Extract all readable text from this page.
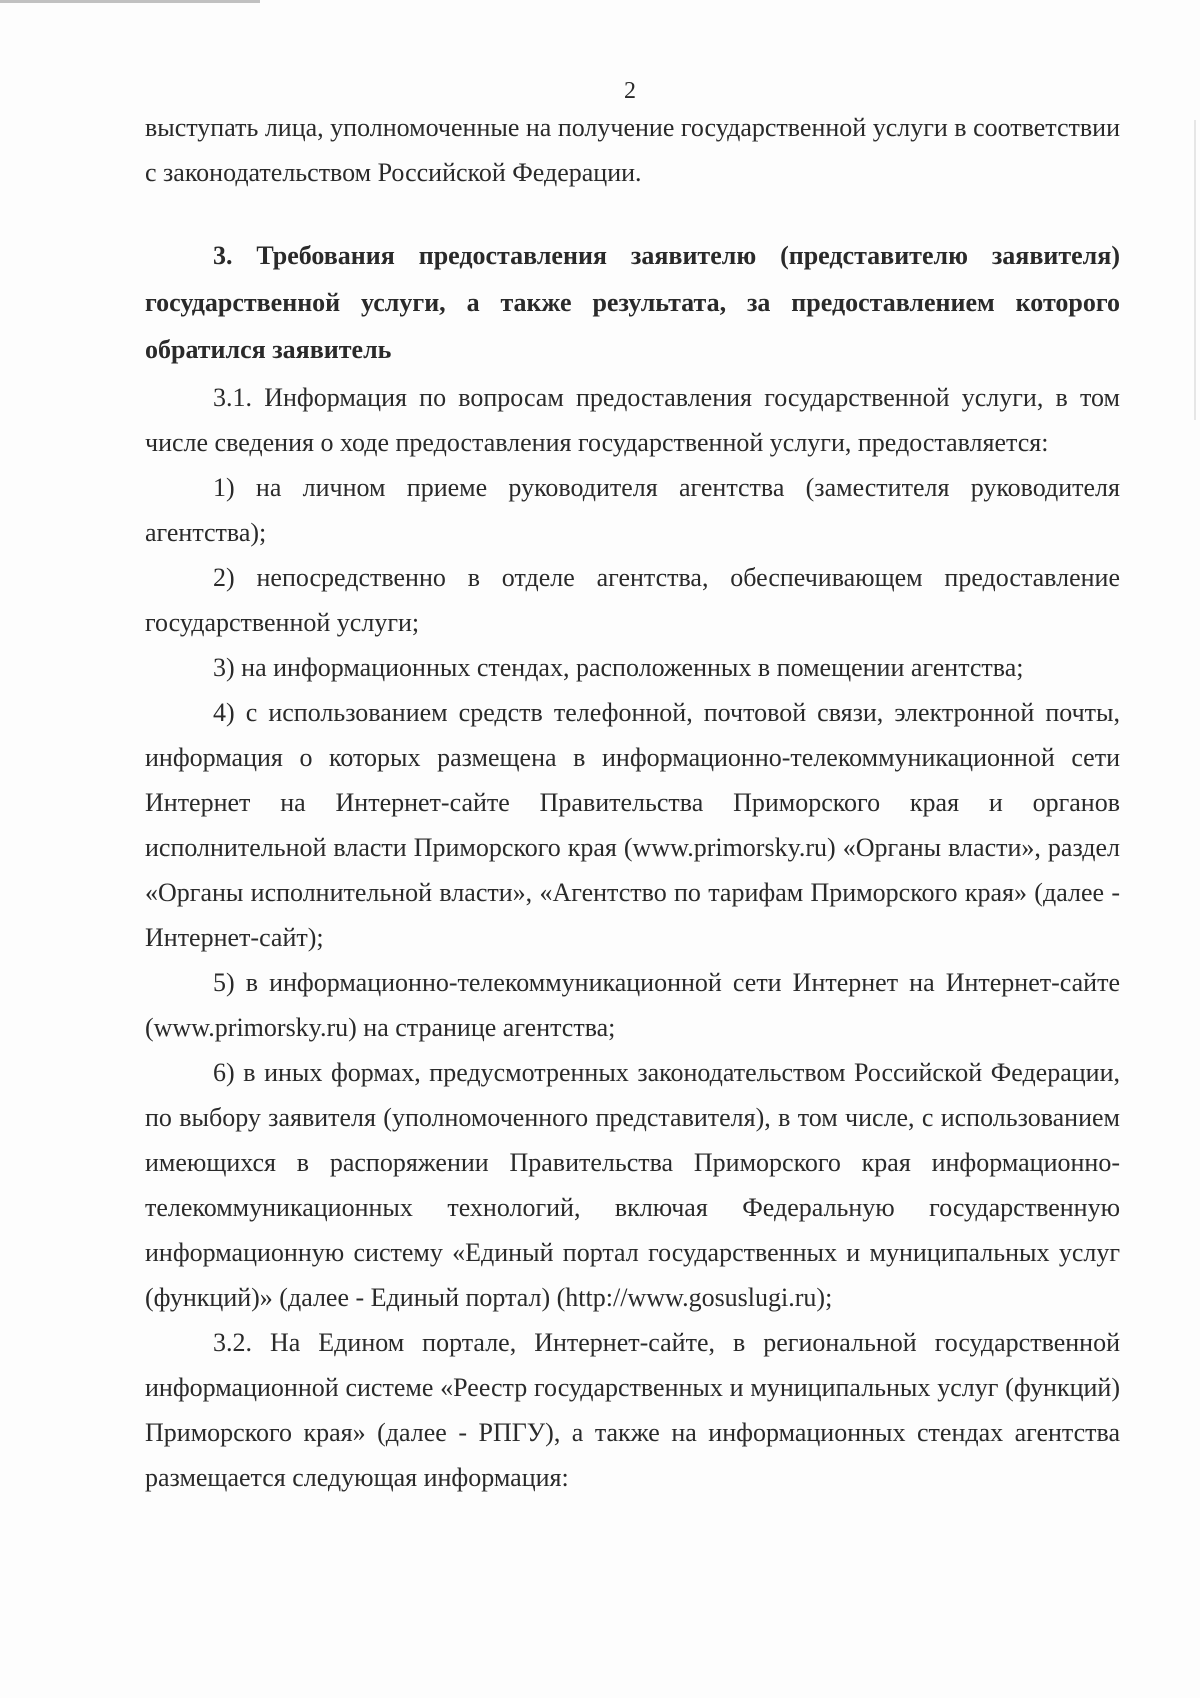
2

выступать лица, уполномоченные на получение государственной услуги в соответствии с законодательством Российской Федерации.

3. Требования предоставления заявителю (представителю заявителя) государственной услуги, а также результата, за предоставлением которого обратился заявитель

3.1. Информация по вопросам предоставления государственной услуги, в том числе сведения о ходе предоставления государственной услуги, предоставляется:

1) на личном приеме руководителя агентства (заместителя руководителя агентства);

2) непосредственно в отделе агентства, обеспечивающем предоставление государственной услуги;

3) на информационных стендах, расположенных в помещении агентства;

4) с использованием средств телефонной, почтовой связи, электронной почты, информация о которых размещена в информационно-телекоммуникационной сети Интернет на Интернет-сайте Правительства Приморского края и органов исполнительной власти Приморского края (www.primorsky.ru) «Органы власти», раздел «Органы исполнительной власти», «Агентство по тарифам Приморского края» (далее - Интернет-сайт);

5) в информационно-телекоммуникационной сети Интернет на Интернет-сайте (www.primorsky.ru) на странице агентства;

6) в иных формах, предусмотренных законодательством Российской Федерации, по выбору заявителя (уполномоченного представителя), в том числе, с использованием имеющихся в распоряжении Правительства Приморского края информационно-телекоммуникационных технологий, включая Федеральную государственную информационную систему «Единый портал государственных и муниципальных услуг (функций)» (далее - Единый портал) (http://www.gosuslugi.ru);

3.2. На Едином портале, Интернет-сайте, в региональной государственной информационной системе «Реестр государственных и муниципальных услуг (функций) Приморского края» (далее - РПГУ), а также на информационных стендах агентства размещается следующая информация:
